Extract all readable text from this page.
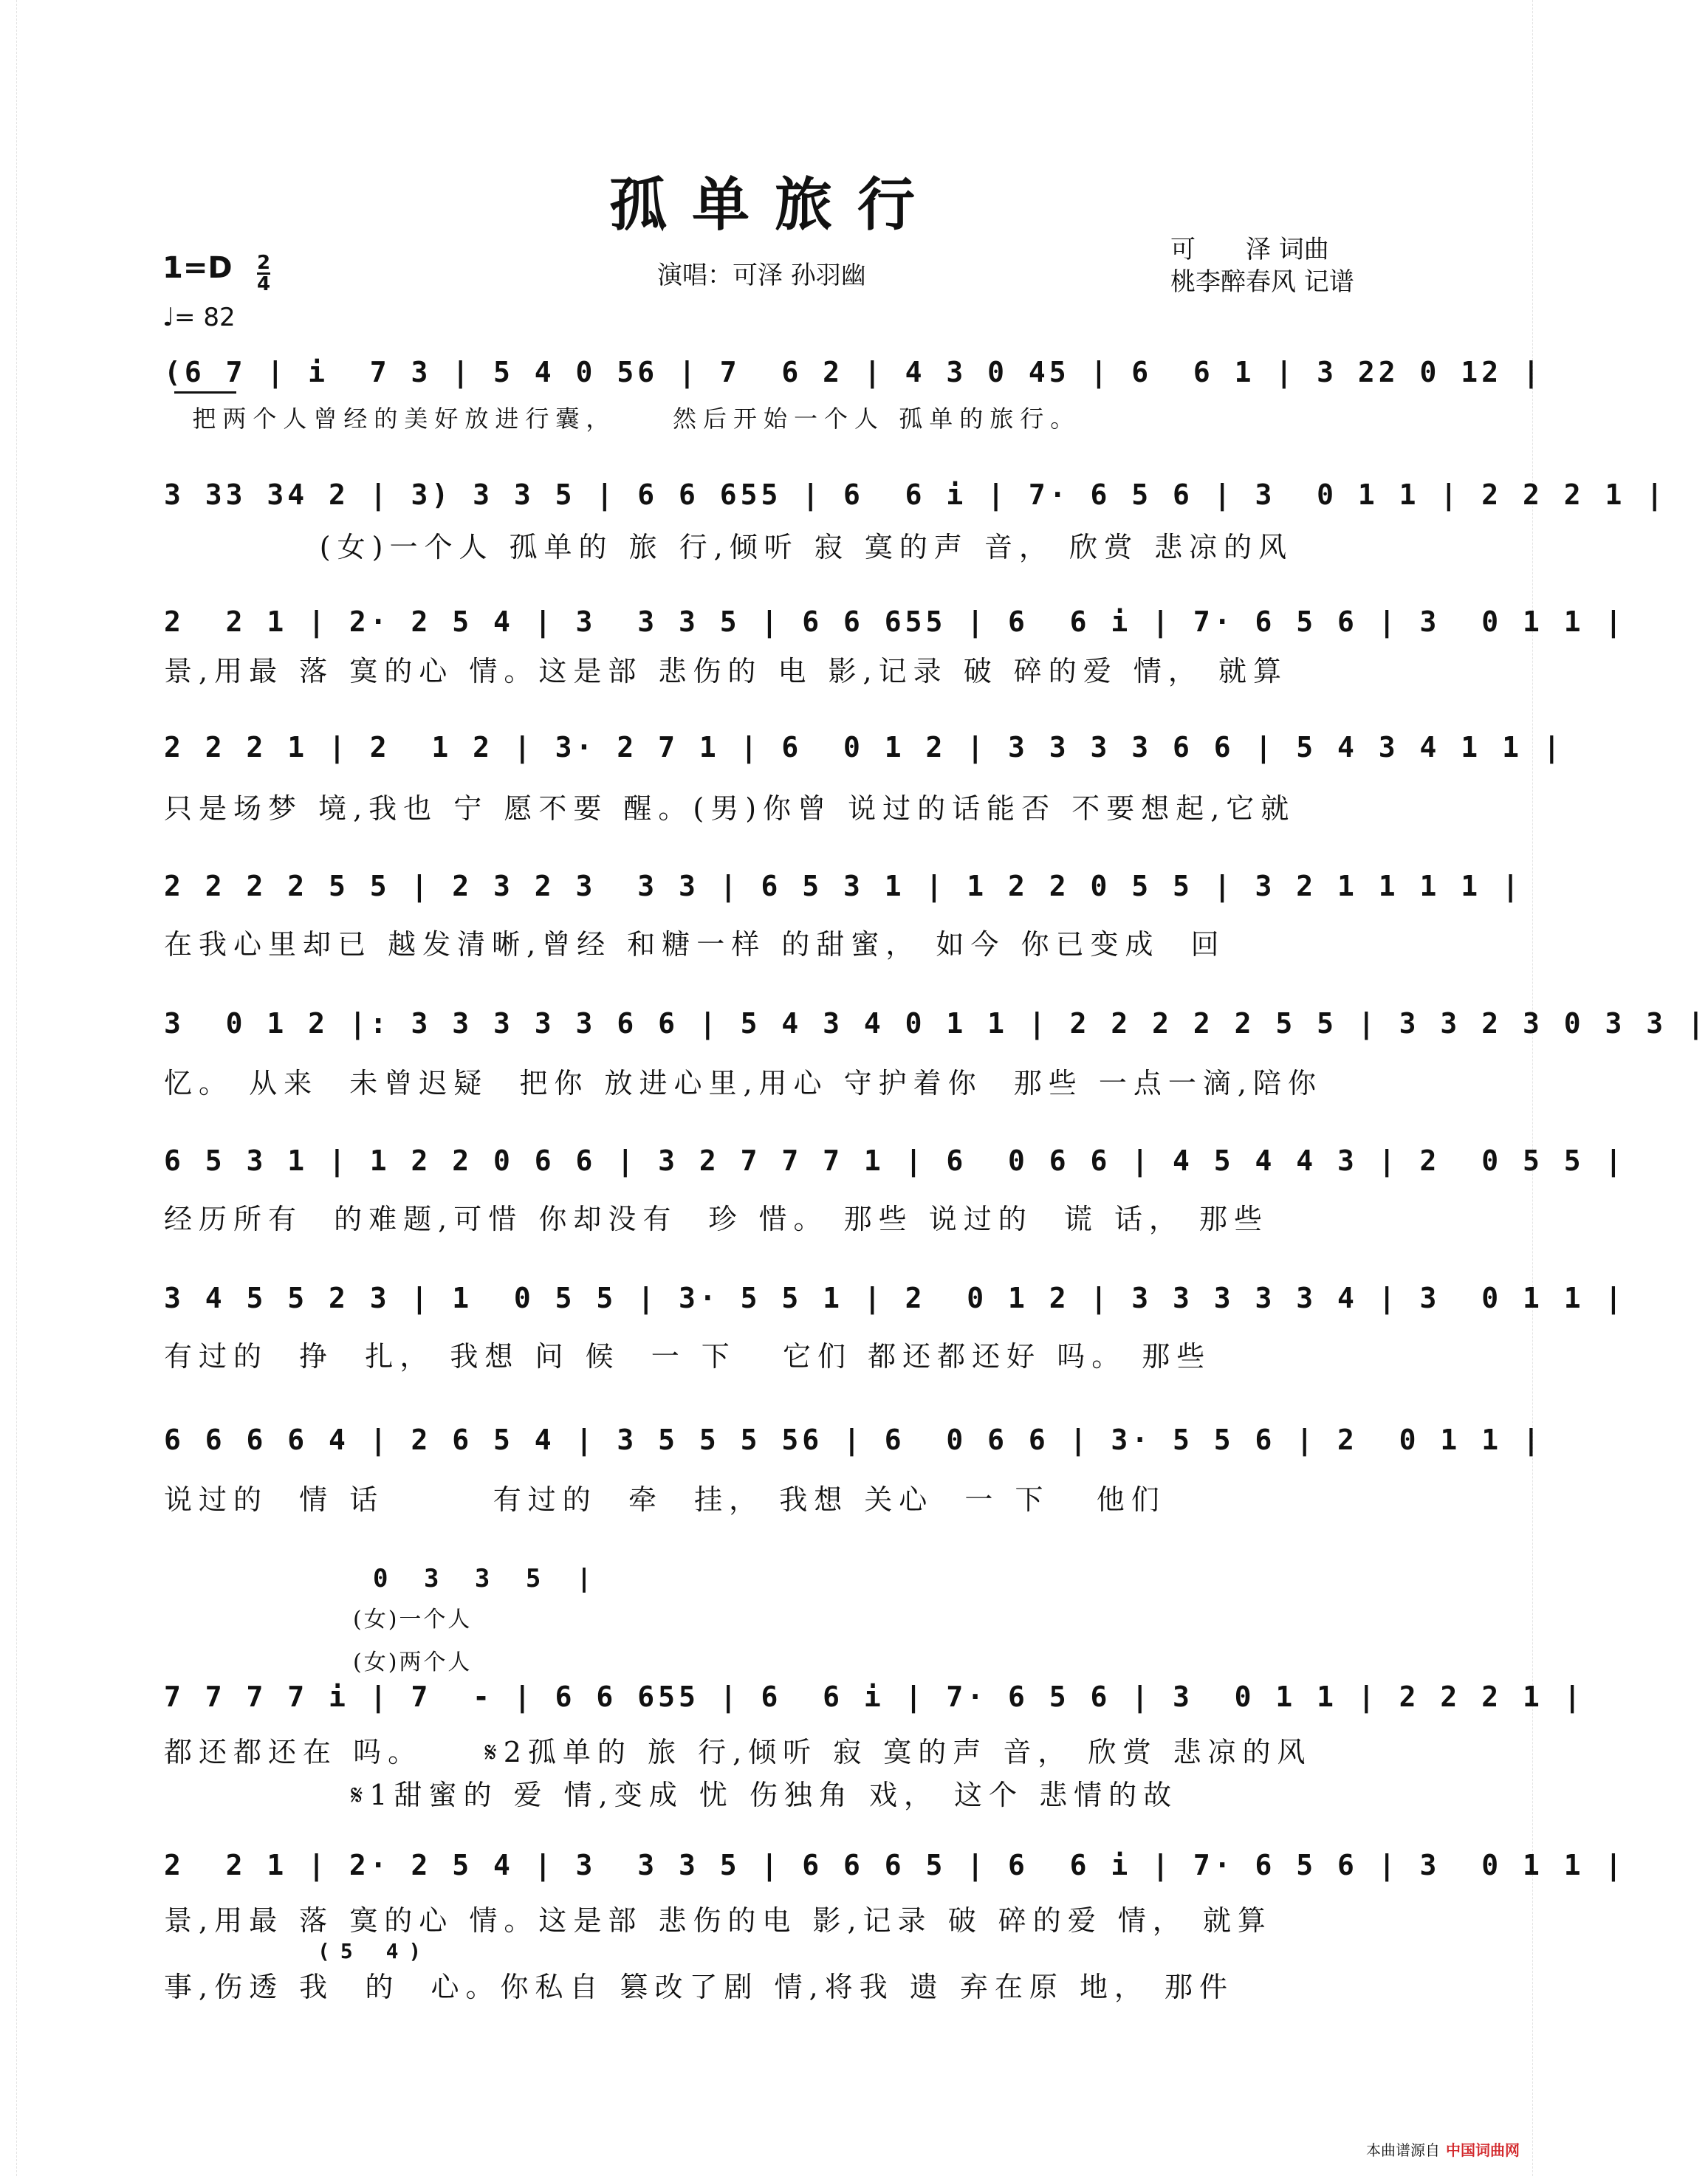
孤单旅行
演唱：可泽 孙羽幽
可　　泽 词曲
桃李醉春风 记谱
1=D 2
4
♩= 82
(6 7 | i  7 3 | 5 4 0 56 | 7  6 2 | 4 3 0 45 | 6  6 1 | 3 22 0 12 |
把两个人曾经的美好放进行囊，    然后开始一个人 孤单的旅行。
3 33 34 2 | 3) 3 3 5 | 6 6 655 | 6  6 i | 7· 6 5 6 | 3  0 1 1 | 2 2 2 1 |
(女)一个人 孤单的 旅 行,倾听 寂 寞的声 音， 欣赏 悲凉的风
2  2 1 | 2· 2 5 4 | 3  3 3 5 | 6 6 655 | 6  6 i | 7· 6 5 6 | 3  0 1 1 |
景,用最 落 寞的心 情。这是部 悲伤的 电 影,记录 破 碎的爱 情， 就算
2 2 2 1 | 2  1 2 | 3· 2 7 1 | 6  0 1 2 | 3 3 3 3 6 6 | 5 4 3 4 1 1 |
只是场梦 境,我也 宁 愿不要 醒。(男)你曾 说过的话能否 不要想起,它就
2 2 2 2 5 5 | 2 3 2 3  3 3 | 6 5 3 1 | 1 2 2 0 5 5 | 3 2 1 1 1 1 |
在我心里却已 越发清晰,曾经 和糖一样 的甜蜜， 如今 你已变成  回
3  0 1 2 |: 3 3 3 3 3 6 6 | 5 4 3 4 0 1 1 | 2 2 2 2 2 5 5 | 3 3 2 3 0 3 3 |
忆。 从来  未曾迟疑  把你 放进心里,用心 守护着你  那些 一点一滴,陪你
6 5 3 1 | 1 2 2 0 6 6 | 3 2 7 7 7 1 | 6  0 6 6 | 4 5 4 4 3 | 2  0 5 5 |
经历所有  的难题,可惜 你却没有  珍 惜。 那些 说过的  谎 话， 那些
3 4 5 5 2 3 | 1  0 5 5 | 3· 5 5 1 | 2  0 1 2 | 3 3 3 3 3 4 | 3  0 1 1 |
有过的  挣  扎， 我想 问 候  一 下   它们 都还都还好 吗。 那些
6 6 6 6 4 | 2 6 5 4 | 3 5 5 5 56 | 6  0 6 6 | 3· 5 5 6 | 2  0 1 1 |
说过的  情 话       有过的  牵  挂， 我想 关心  一 下   他们
0 3 3 5 |
(女)一个人
(女)两个人
7 7 7 7 i | 7  - | 6 6 655 | 6  6 i | 7· 6 5 6 | 3  0 1 1 | 2 2 2 1 |
都还都还在 吗。    𝄋2孤单的 旅 行,倾听 寂 寞的声 音， 欣赏 悲凉的风
𝄋1甜蜜的 爱 情,变成 忧 伤独角 戏， 这个 悲情的故
2  2 1 | 2· 2 5 4 | 3  3 3 5 | 6 6 6 5 | 6  6 i | 7· 6 5 6 | 3  0 1 1 |
景,用最 落 寞的心 情。这是部 悲伤的电 影,记录 破 碎的爱 情， 就算
(5 4)
事,伤透 我  的  心。你私自 篡改了剧 情,将我 遗 弃在原 地， 那件
本曲谱源自 中国词曲网
